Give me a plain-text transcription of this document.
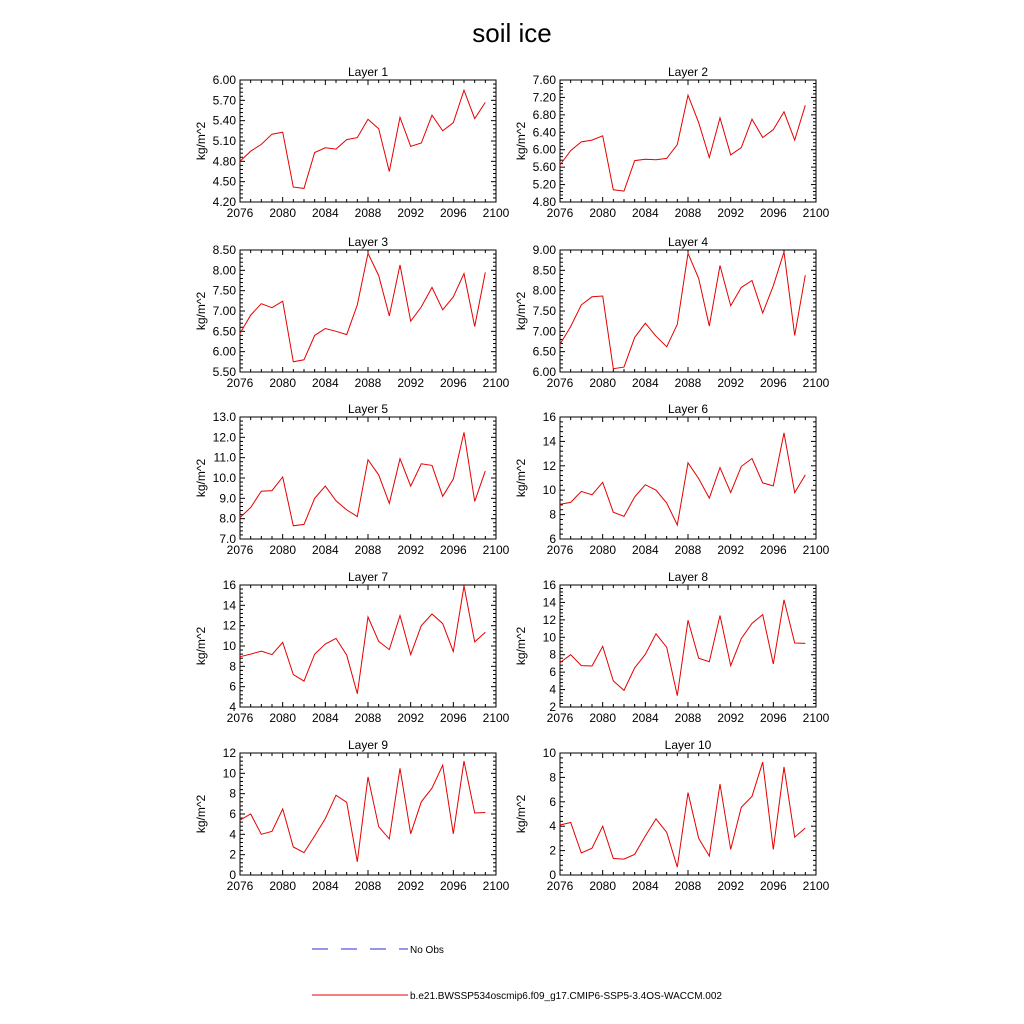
soil ice
Layer 1
kg/m^2
2076 2080 2084 2088 2092 2096 2100
4.20
4.50
4.80
5.10
5.40
5.70
6.00
Layer 2
kg/m^2
2076 2080 2084 2088 2092 2096 2100
4.80
5.20
5.60
6.00
6.40
6.80
7.20
7.60
Layer 3
kg/m^2
2076 2080 2084 2088 2092 2096 2100
5.50
6.00
6.50
7.00
7.50
8.00
8.50
Layer 4
kg/m^2
2076 2080 2084 2088 2092 2096 2100
6.00
6.50
7.00
7.50
8.00
8.50
9.00
Layer 5
kg/m^2
2076 2080 2084 2088 2092 2096 2100
7.0
8.0
9.0
10.0
11.0
12.0
13.0
Layer 6
kg/m^2
2076 2080 2084 2088 2092 2096 2100
6
8
10
12
14
16
Layer 7
kg/m^2
2076 2080 2084 2088 2092 2096 2100
4
6
8
10
12
14
16
Layer 8
kg/m^2
2076 2080 2084 2088 2092 2096 2100
2
4
6
8
10
12
14
16
Layer 9
kg/m^2
2076 2080 2084 2088 2092 2096 2100
0
2
4
6
8
10
12
Layer 10
kg/m^2
2076 2080 2084 2088 2092 2096 2100
0
2
4
6
8
10
No Obs
b.e21.BWSSP534oscmip6.f09_g17.CMIP6-SSP5-3.4OS-WACCM.002
